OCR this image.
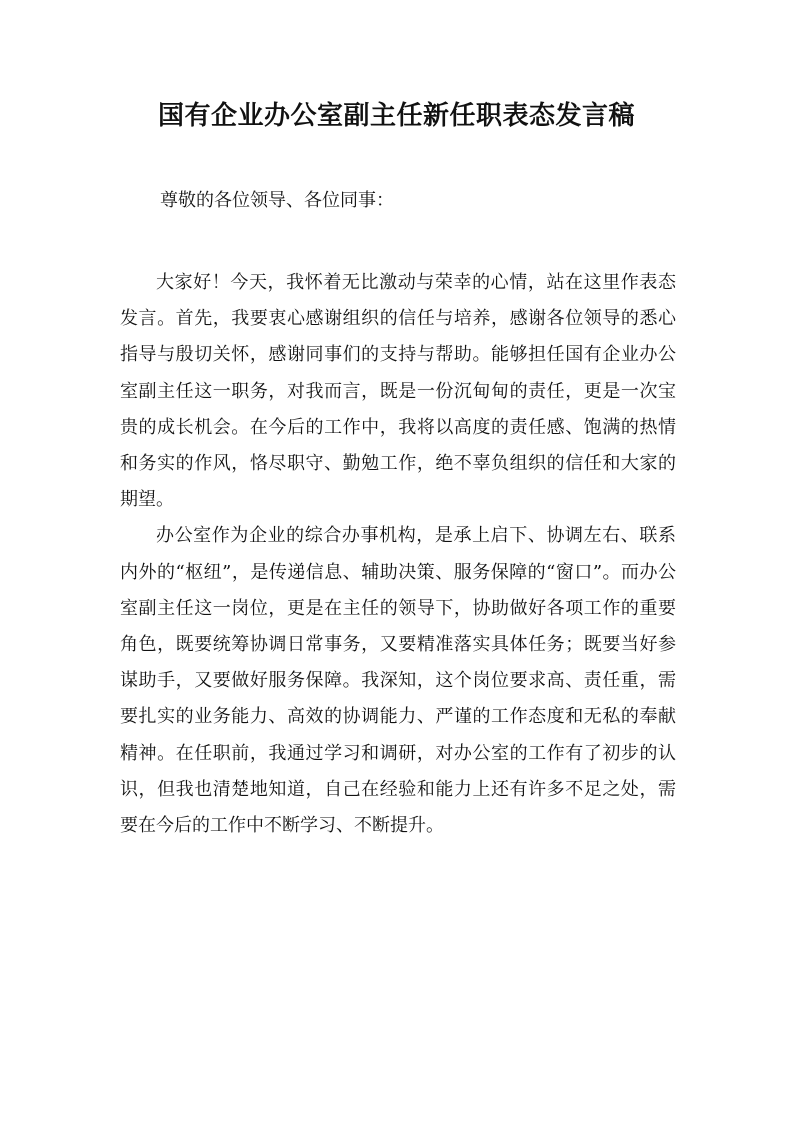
国有企业办公室副主任新任职表态发言稿

尊敬的各位领导、各位同事：

大家好！今天，我怀着无比激动与荣幸的心情，站在这里作表态发言。首先，我要衷心感谢组织的信任与培养，感谢各位领导的悉心指导与殷切关怀，感谢同事们的支持与帮助。能够担任国有企业办公室副主任这一职务，对我而言，既是一份沉甸甸的责任，更是一次宝贵的成长机会。在今后的工作中，我将以高度的责任感、饱满的热情和务实的作风，恪尽职守、勤勉工作，绝不辜负组织的信任和大家的期望。

办公室作为企业的综合办事机构，是承上启下、协调左右、联系内外的“枢纽”，是传递信息、辅助决策、服务保障的“窗口”。而办公室副主任这一岗位，更是在主任的领导下，协助做好各项工作的重要角色，既要统筹协调日常事务，又要精准落实具体任务；既要当好参谋助手，又要做好服务保障。我深知，这个岗位要求高、责任重，需要扎实的业务能力、高效的协调能力、严谨的工作态度和无私的奉献精神。在任职前，我通过学习和调研，对办公室的工作有了初步的认识，但我也清楚地知道，自己在经验和能力上还有许多不足之处，需要在今后的工作中不断学习、不断提升。
